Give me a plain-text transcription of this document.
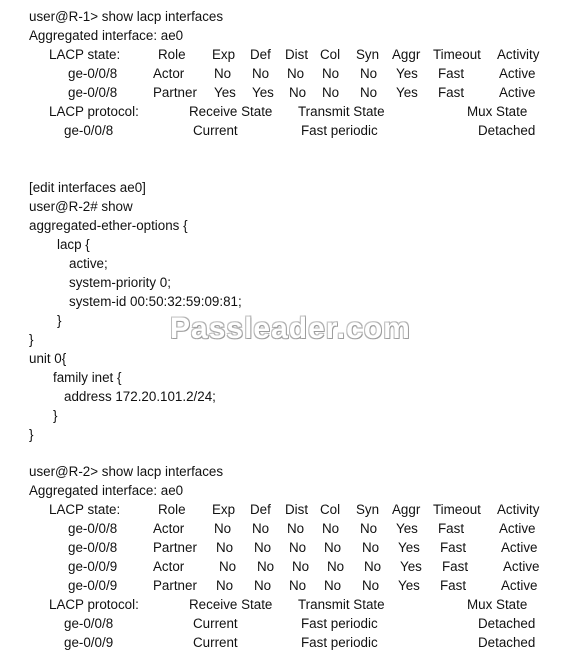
user@R-1> show lacp interfaces
Aggregated interface: ae0
LACP state:	Role Exp Def Dist Col Syn Aggr Timeout Activity
ge-0/0/8	Actor No No No No No Yes Fast	Active
ge-0/0/8	Partner Yes Yes No No No Yes Fast	Active
LACP protocol:	Receive State Transmit State	Mux State
ge-0/0/8	Current	Fast periodic	Detached
[edit interfaces ae0]
user@R-2# show
aggregated-ether-options {
lacp {
active;
system-priority 0;
system-id 00:50:32:59:09:81;
}
}
unit 0{
family inet {
address 172.20.101.2/24;
}
}
Passleader.com
user@R-2> show lacp interfaces
Aggregated interface: ae0
LACP state:	Role Exp Def Dist Col Syn Aggr Timeout Activity
ge-0/0/8	Actor No No No No No Yes Fast	Active
ge-0/0/8	Partner No No No No No Yes Fast	Active
ge-0/0/9	Actor	No No No No No Yes Fast	Active
ge-0/0/9	Partner No No No No No Yes Fast	Active
LACP protocol:	Receive State Transmit State	Mux State
ge-0/0/8	Current	Fast periodic	Detached
ge-0/0/9	Current	Fast periodic	Detached
